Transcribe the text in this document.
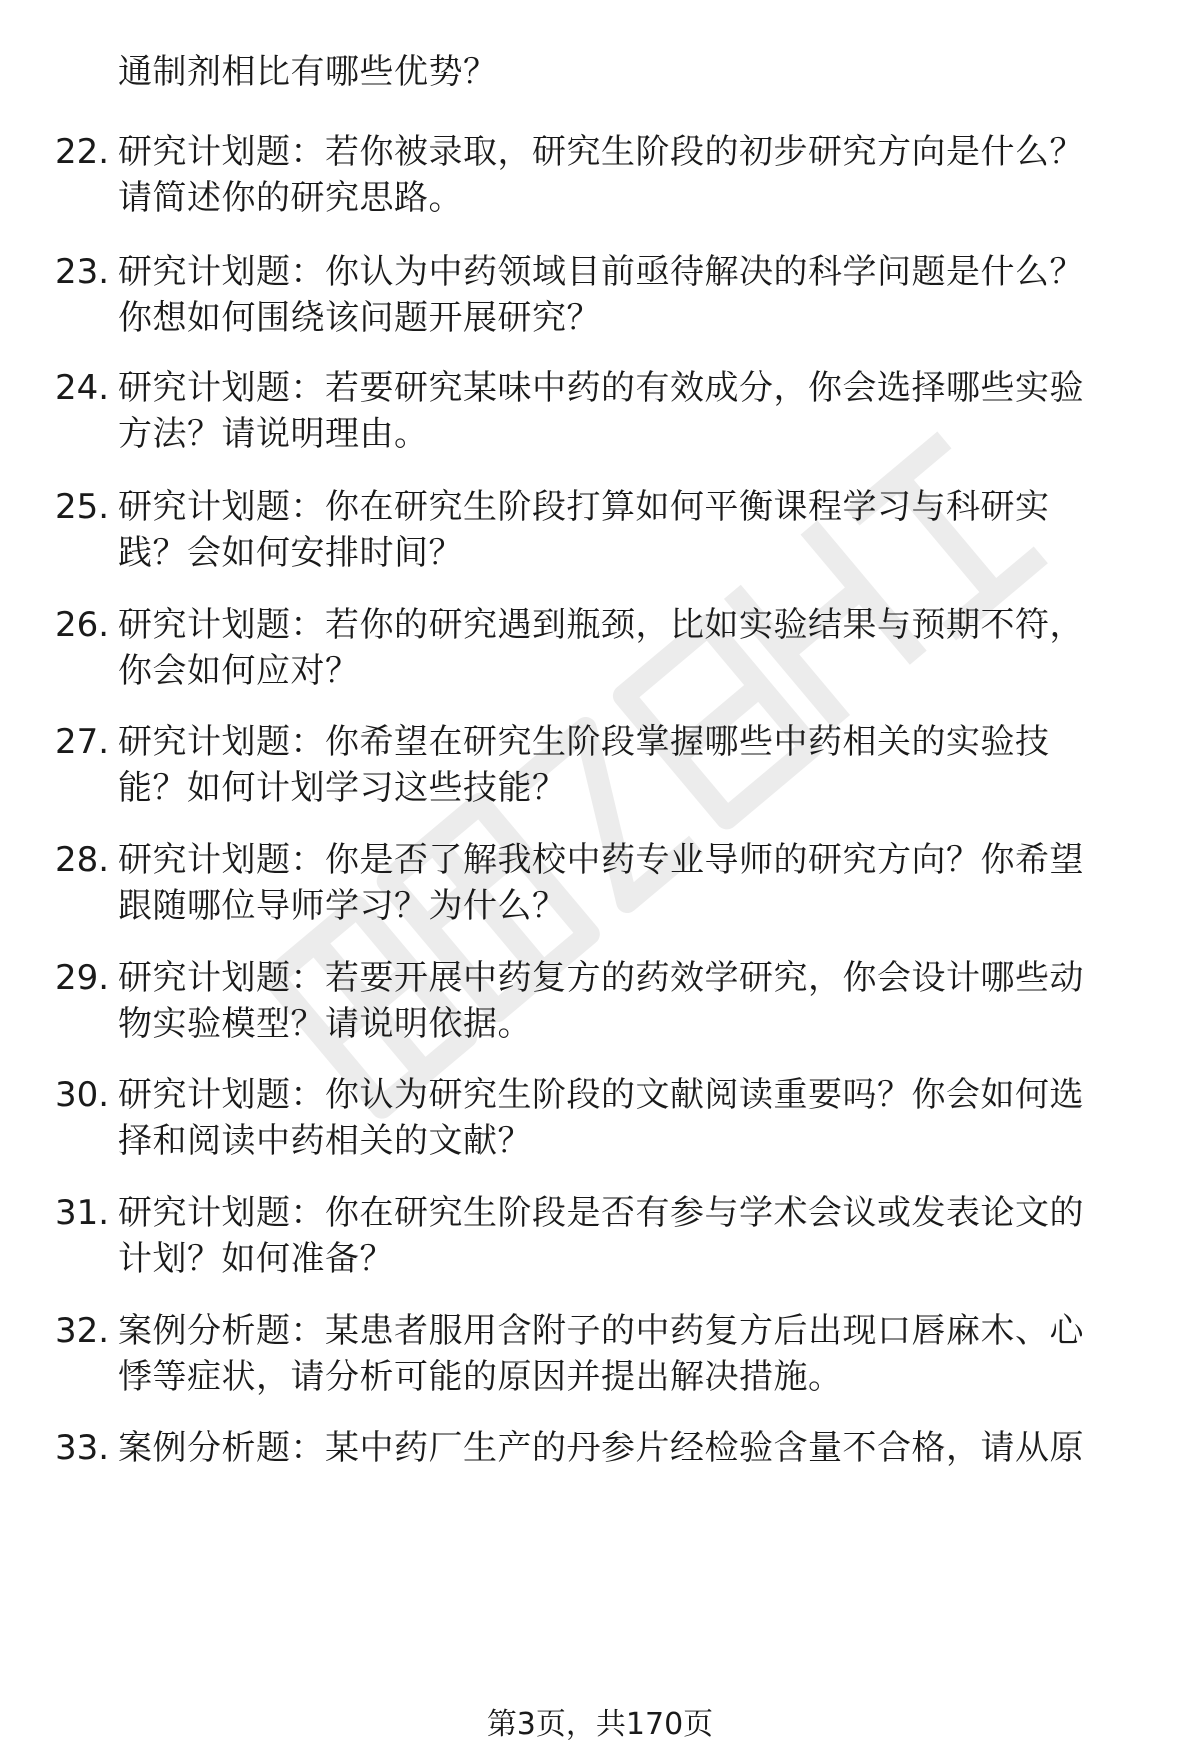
通制剂相比有哪些优势？
22. 研究计划题：若你被录取，研究生阶段的初步研究方向是什么？
请简述你的研究思路。
23. 研究计划题：你认为中药领域目前亟待解决的科学问题是什么？
你想如何围绕该问题开展研究？
24. 研究计划题：若要研究某味中药的有效成分，你会选择哪些实验
方法？请说明理由。
25. 研究计划题：你在研究生阶段打算如何平衡课程学习与科研实
践？会如何安排时间？
26. 研究计划题：若你的研究遇到瓶颈，比如实验结果与预期不符，
你会如何应对？
27. 研究计划题：你希望在研究生阶段掌握哪些中药相关的实验技
能？如何计划学习这些技能？
28. 研究计划题：你是否了解我校中药专业导师的研究方向？你希望
跟随哪位导师学习？为什么？
29. 研究计划题：若要开展中药复方的药效学研究，你会设计哪些动
物实验模型？请说明依据。
30. 研究计划题：你认为研究生阶段的文献阅读重要吗？你会如何选
择和阅读中药相关的文献？
31. 研究计划题：你在研究生阶段是否有参与学术会议或发表论文的
计划？如何准备？
32. 案例分析题：某患者服用含附子的中药复方后出现口唇麻木、心
悸等症状，请分析可能的原因并提出解决措施。
33. 案例分析题：某中药厂生产的丹参片经检验含量不合格，请从原
第3页，共170页
